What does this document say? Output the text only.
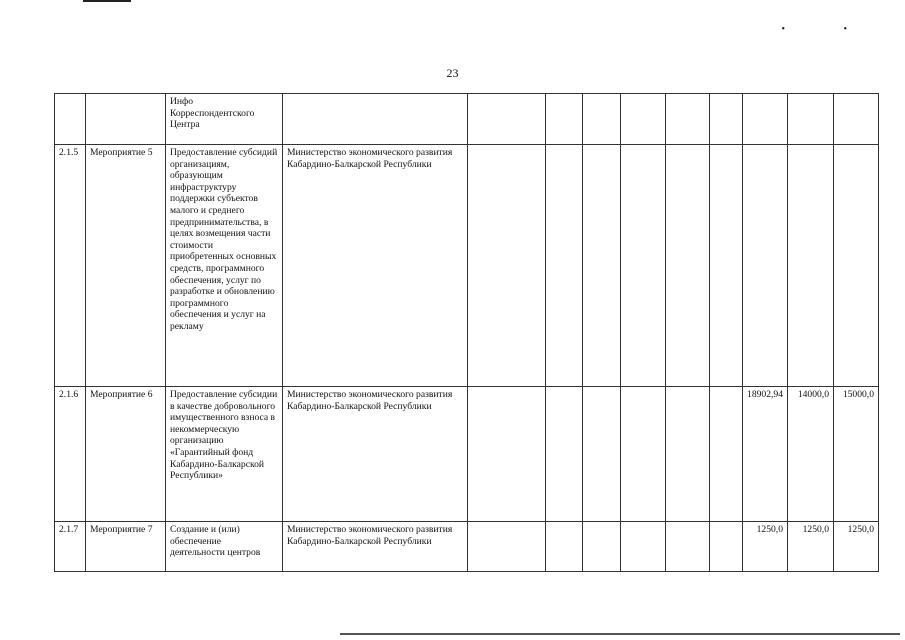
• •
23
		Инфо Корреспондентского Центра										
2.1.5	Мероприятие 5	Предоставление субсидий организациям, образующим инфраструктуру поддержки субъектов малого и среднего предпринимательства, в целях возмещения части стоимости приобретенных основных средств, программного обеспечения, услуг по разработке и обновлению программного обеспечения и услуг на рекламу	Министерство экономического развития Кабардино-Балкарской Республики									
2.1.6	Мероприятие 6	Предоставление субсидии в качестве добровольного имущественного взноса в некоммерческую организацию «Гарантийный фонд Кабардино-Балкарской Республики»	Министерство экономического развития Кабардино-Балкарской Республики							18902,94	14000,0	15000,0
2.1.7	Мероприятие 7	Создание и (или) обеспечение деятельности центров	Министерство экономического развития Кабардино-Балкарской Республики							1250,0	1250,0	1250,0
